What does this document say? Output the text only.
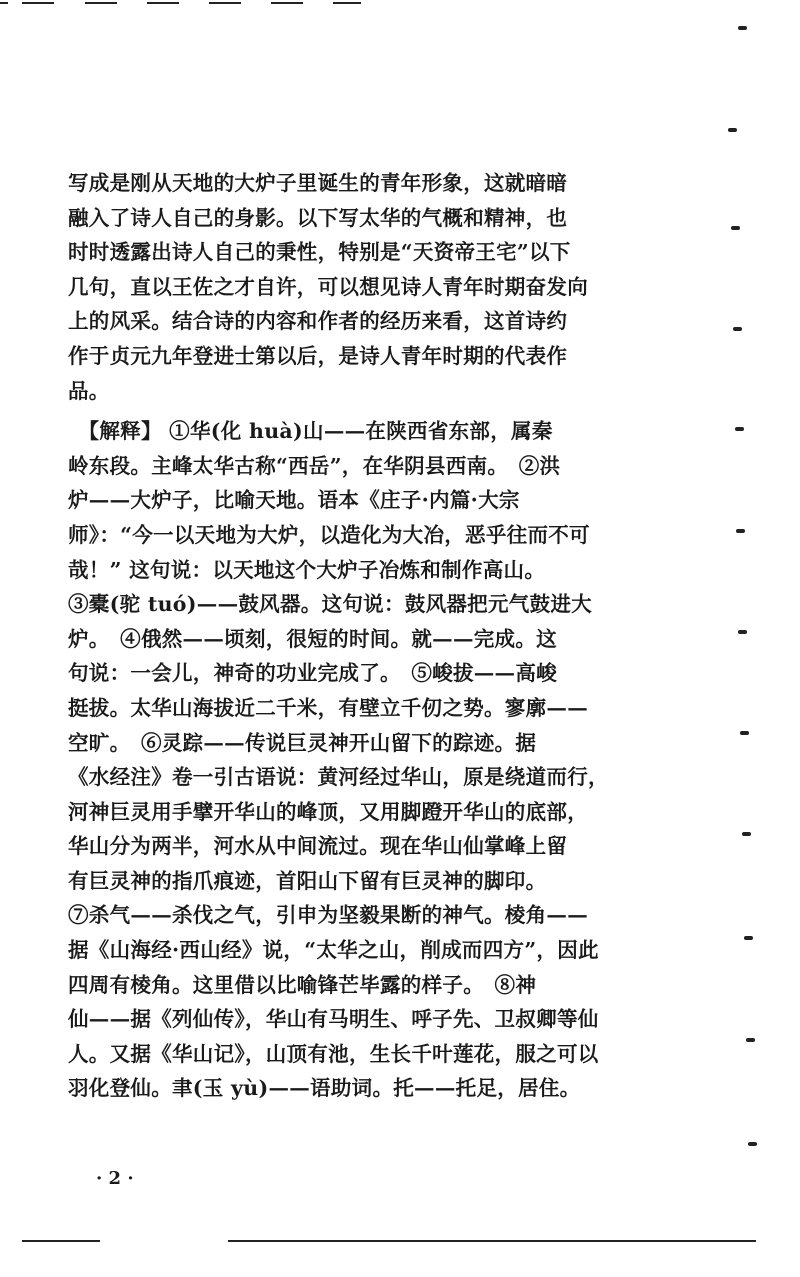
写成是刚从天地的大炉子里诞生的青年形象，这就暗暗
融入了诗人自己的身影。以下写太华的气概和精神，也
时时透露出诗人自己的秉性，特别是“天资帝王宅”以下
几句，直以王佐之才自许，可以想见诗人青年时期奋发向
上的风采。结合诗的内容和作者的经历来看，这首诗约
作于贞元九年登进士第以后，是诗人青年时期的代表作
品。
　【解释】 ①华(化 huà)山——在陕西省东部，属秦
岭东段。主峰太华古称“西岳”，在华阴县西南。　②洪
炉——大炉子，比喻天地。语本《庄子·内篇·大宗
师》：“今一以天地为大炉，以造化为大冶，恶乎往而不可
哉！” 这句说：以天地这个大炉子冶炼和制作高山。
③橐(驼 tuó)——鼓风器。这句说：鼓风器把元气鼓进大
炉。　④俄然——顷刻，很短的时间。就——完成。这
句说：一会儿，神奇的功业完成了。　⑤峻拔——高峻
挺拔。太华山海拔近二千米，有壁立千仞之势。寥廓——
空旷。　⑥灵踪——传说巨灵神开山留下的踪迹。据
《水经注》卷一引古语说：黄河经过华山，原是绕道而行，
河神巨灵用手擘开华山的峰顶，又用脚蹬开华山的底部，
华山分为两半，河水从中间流过。现在华山仙掌峰上留
有巨灵神的指爪痕迹，首阳山下留有巨灵神的脚印。
⑦杀气——杀伐之气，引申为坚毅果断的神气。棱角——
据《山海经·西山经》说，“太华之山，削成而四方”，因此
四周有棱角。这里借以比喻锋芒毕露的样子。　⑧神
仙——据《列仙传》，华山有马明生、呼子先、卫叔卿等仙
人。又据《华山记》，山顶有池，生长千叶莲花，服之可以
羽化登仙。聿(玉 yù)——语助词。托——托足，居住。
· 2 ·
